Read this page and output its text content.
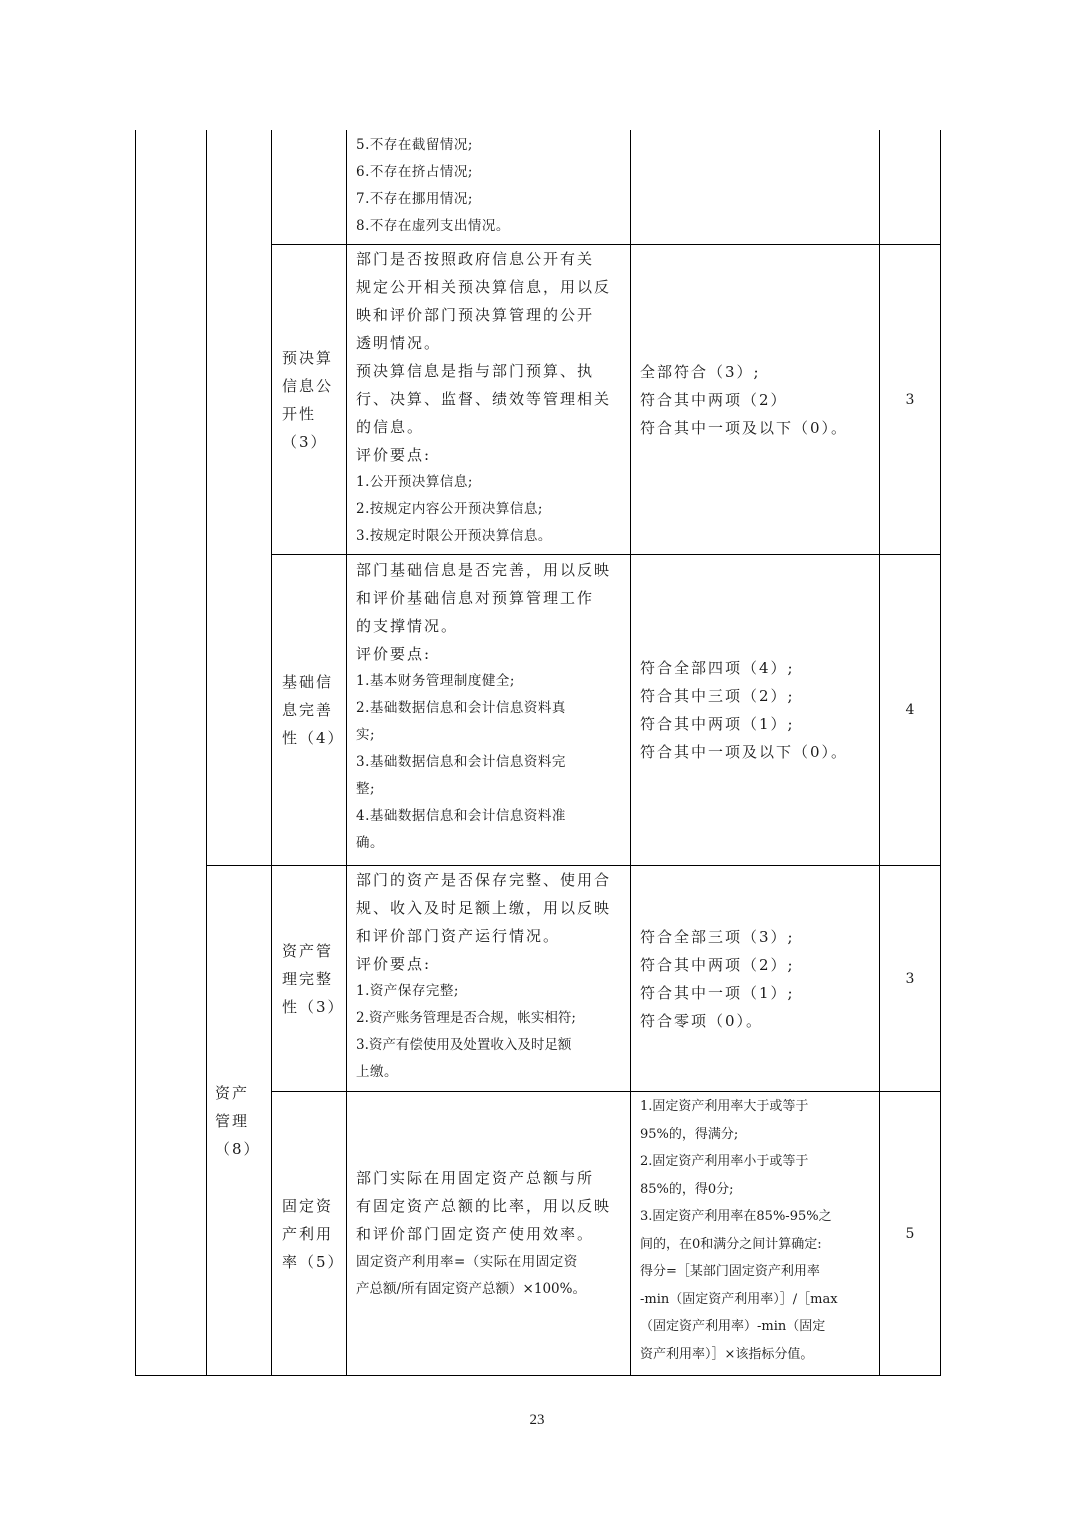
5.不存在截留情况;
6.不存在挤占情况;
7.不存在挪用情况;
8.不存在虚列支出情况。
预决算
信息公
开性
（3）
部门是否按照政府信息公开有关
规定公开相关预决算信息，用以反
映和评价部门预决算管理的公开
透明情况。
预决算信息是指与部门预算、执
行、决算、监督、绩效等管理相关
的信息。
评价要点:
1.公开预决算信息;
2.按规定内容公开预决算信息;
3.按规定时限公开预决算信息。
全部符合（3）;
符合其中两项（2）
符合其中一项及以下（0）。
3
基础信
息完善
性（4）
部门基础信息是否完善，用以反映
和评价基础信息对预算管理工作
的支撑情况。
评价要点:
1.基本财务管理制度健全;
2.基础数据信息和会计信息资料真
实;
3.基础数据信息和会计信息资料完
整;
4.基础数据信息和会计信息资料准
确。
符合全部四项（4）;
符合其中三项（2）;
符合其中两项（1）;
符合其中一项及以下（0）。
4
资产
管理
（8）
资产管
理完整
性（3）
部门的资产是否保存完整、使用合
规、收入及时足额上缴，用以反映
和评价部门资产运行情况。
评价要点:
1.资产保存完整;
2.资产账务管理是否合规，帐实相符;
3.资产有偿使用及处置收入及时足额
上缴。
符合全部三项（3）;
符合其中两项（2）;
符合其中一项（1）;
符合零项（0）。
3
固定资
产利用
率（5）
部门实际在用固定资产总额与所
有固定资产总额的比率，用以反映
和评价部门固定资产使用效率。
固定资产利用率=（实际在用固定资
产总额/所有固定资产总额）×100%。
1.固定资产利用率大于或等于
95%的，得满分;
2.固定资产利用率小于或等于
85%的，得0分;
3.固定资产利用率在85%-95%之
间的，在0和满分之间计算确定:
得分=［某部门固定资产利用率
-min（固定资产利用率）］/［max
（固定资产利用率）-min（固定
资产利用率）］×该指标分值。
5
23
